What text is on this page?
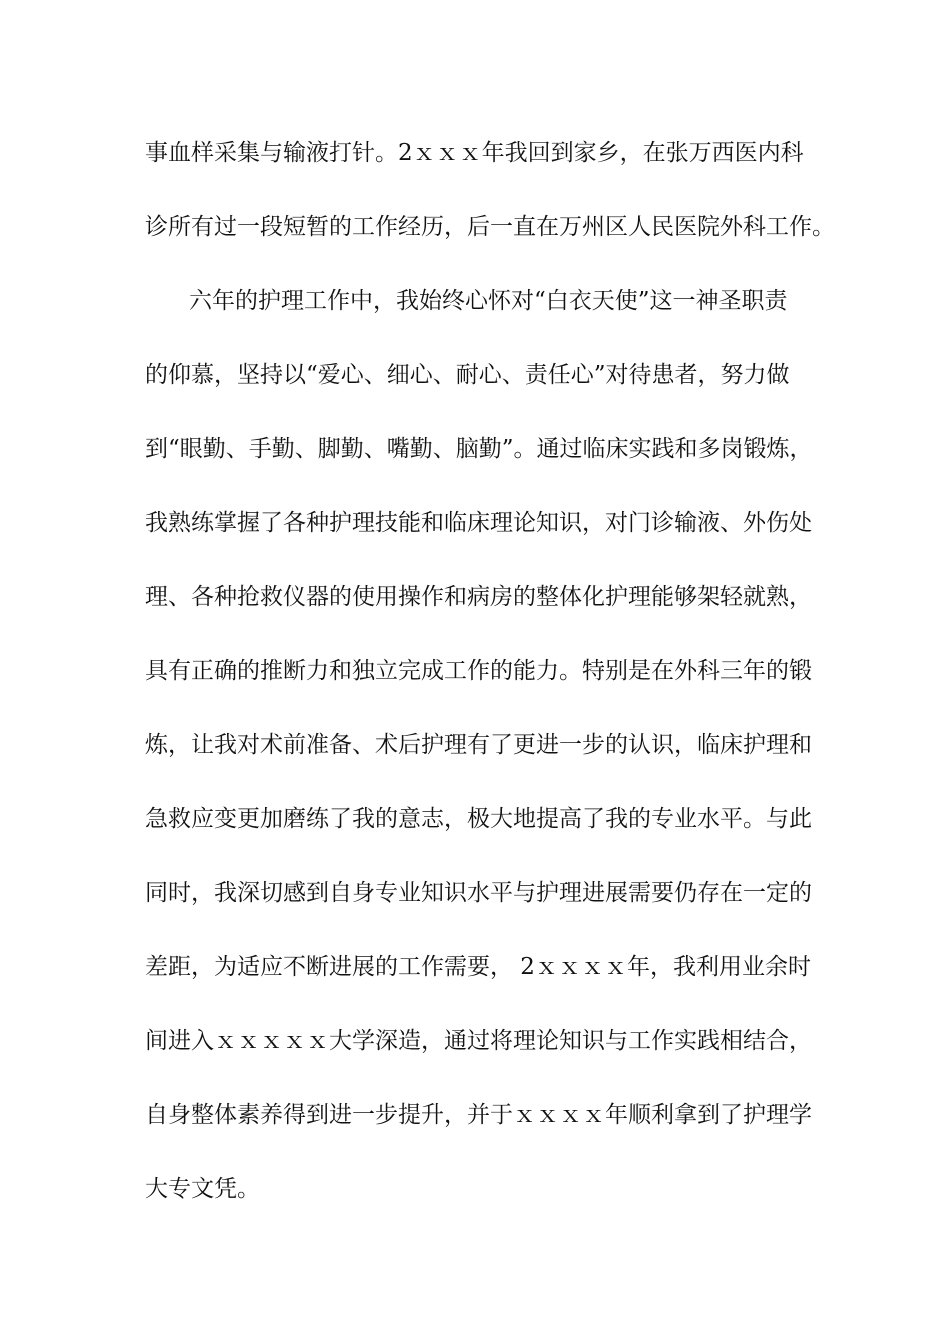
事血样采集与输液打针。2ｘｘｘ年我回到家乡，在张万西医内科
诊所有过一段短暂的工作经历，后一直在万州区人民医院外科工作。
六年的护理工作中，我始终心怀对“白衣天使”这一神圣职责
的仰慕，坚持以“爱心、细心、耐心、责任心”对待患者，努力做
到“眼勤、手勤、脚勤、嘴勤、脑勤”。通过临床实践和多岗锻炼，
我熟练掌握了各种护理技能和临床理论知识，对门诊输液、外伤处
理、各种抢救仪器的使用操作和病房的整体化护理能够架轻就熟，
具有正确的推断力和独立完成工作的能力。特别是在外科三年的锻
炼，让我对术前准备、术后护理有了更进一步的认识，临床护理和
急救应变更加磨练了我的意志，极大地提高了我的专业水平。与此
同时，我深切感到自身专业知识水平与护理进展需要仍存在一定的
差距，为适应不断进展的工作需要， 2ｘｘｘｘ年，我利用业余时
间进入ｘｘｘｘｘ大学深造，通过将理论知识与工作实践相结合，
自身整体素养得到进一步提升，并于ｘｘｘｘ年顺利拿到了护理学
大专文凭。
